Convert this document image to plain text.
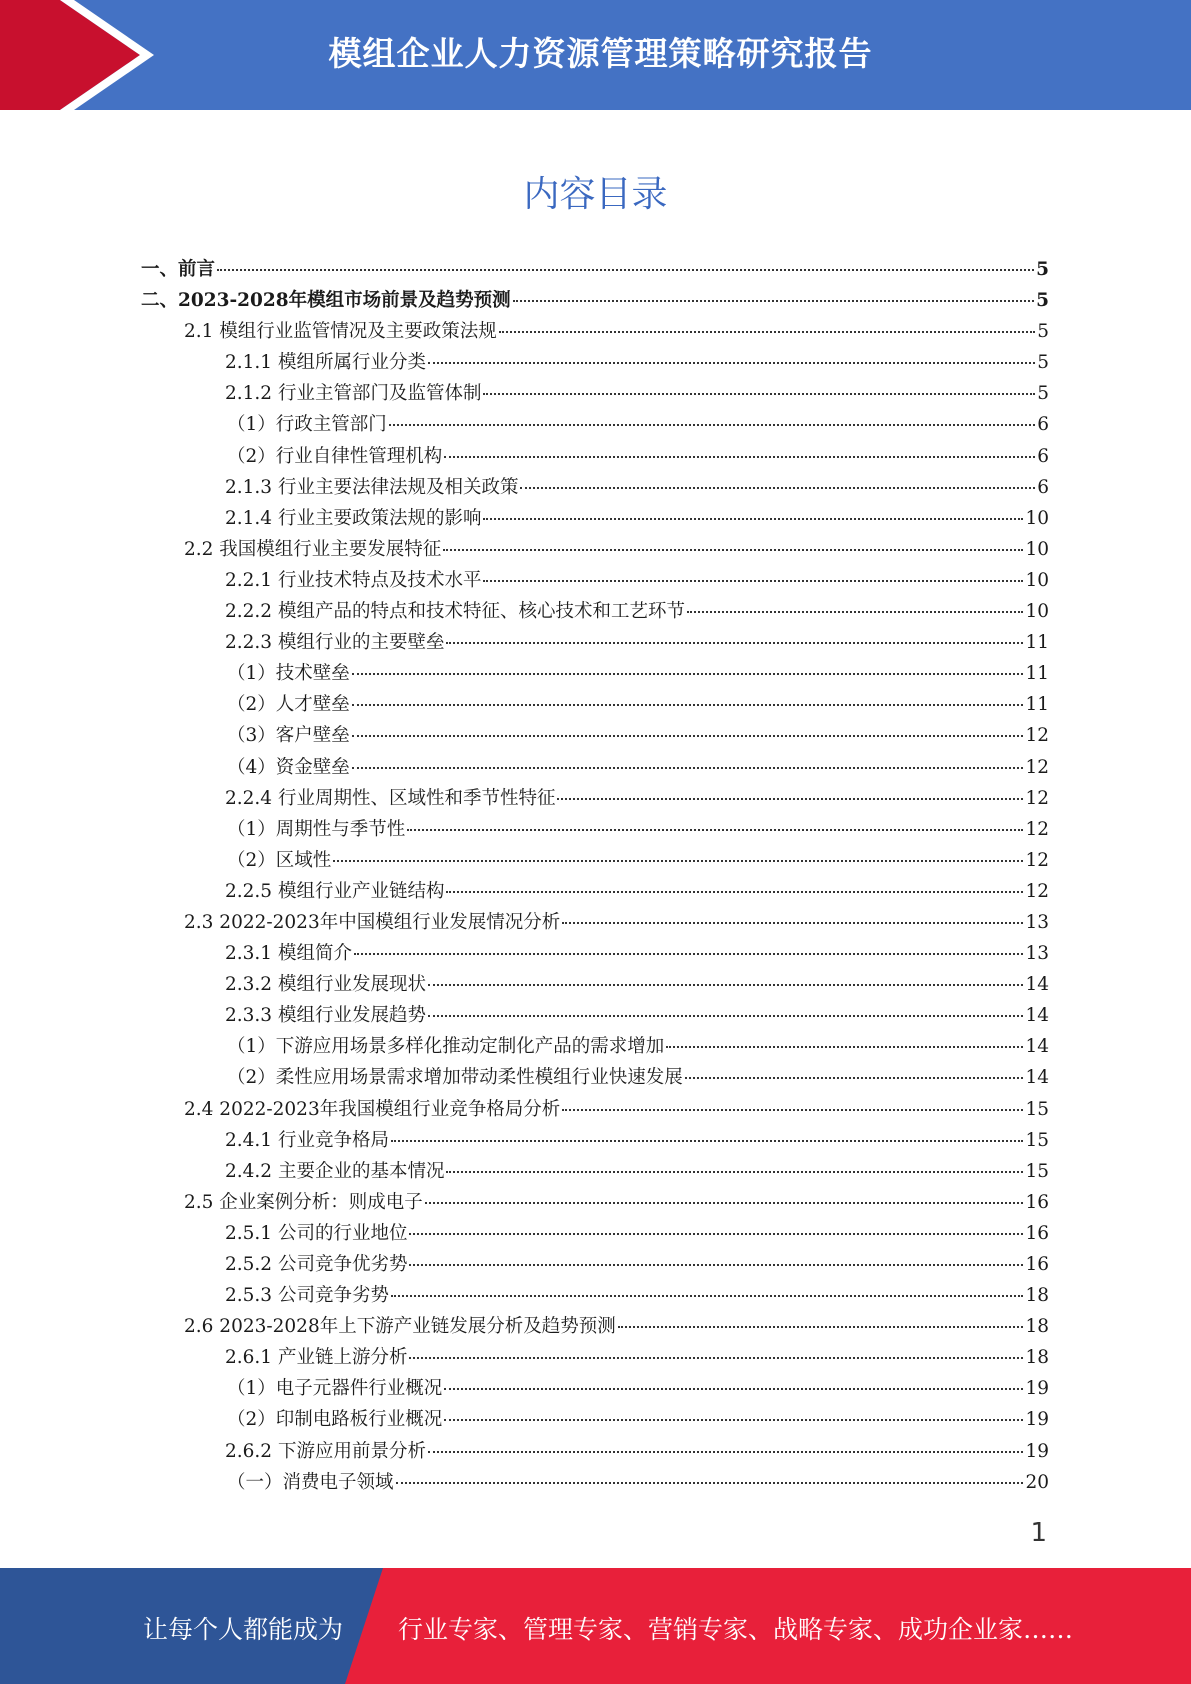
模组企业人力资源管理策略研究报告
内容目录
一、前言	5
二、2023-2028年模组市场前景及趋势预测	5
2.1 模组行业监管情况及主要政策法规	5
2.1.1 模组所属行业分类	5
2.1.2 行业主管部门及监管体制	5
（1）行政主管部门	6
（2）行业自律性管理机构	6
2.1.3 行业主要法律法规及相关政策	6
2.1.4 行业主要政策法规的影响	10
2.2 我国模组行业主要发展特征	10
2.2.1 行业技术特点及技术水平	10
2.2.2 模组产品的特点和技术特征、核心技术和工艺环节	10
2.2.3 模组行业的主要壁垒	11
（1）技术壁垒	11
（2）人才壁垒	11
（3）客户壁垒	12
（4）资金壁垒	12
2.2.4 行业周期性、区域性和季节性特征	12
（1）周期性与季节性	12
（2）区域性	12
2.2.5 模组行业产业链结构	12
2.3 2022-2023年中国模组行业发展情况分析	13
2.3.1 模组简介	13
2.3.2 模组行业发展现状	14
2.3.3 模组行业发展趋势	14
（1）下游应用场景多样化推动定制化产品的需求增加	14
（2）柔性应用场景需求增加带动柔性模组行业快速发展	14
2.4 2022-2023年我国模组行业竞争格局分析	15
2.4.1 行业竞争格局	15
2.4.2 主要企业的基本情况	15
2.5 企业案例分析：则成电子	16
2.5.1 公司的行业地位	16
2.5.2 公司竞争优劣势	16
2.5.3 公司竞争劣势	18
2.6 2023-2028年上下游产业链发展分析及趋势预测	18
2.6.1 产业链上游分析	18
（1）电子元器件行业概况	19
（2）印制电路板行业概况	19
2.6.2 下游应用前景分析	19
（一）消费电子领域	20
1
让每个人都能成为 行业专家、管理专家、营销专家、战略专家、成功企业家……
